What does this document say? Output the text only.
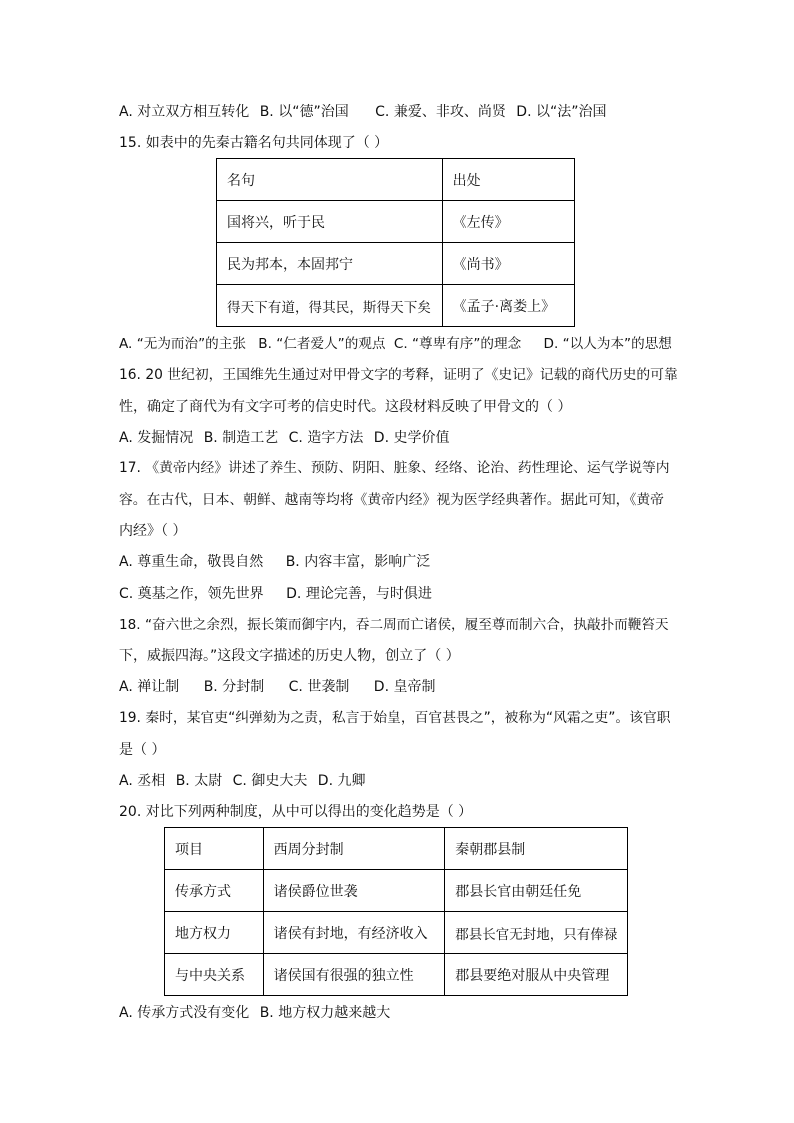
A. 对立双方相互转化 B. 以“德”治国 C. 兼爱、非攻、尚贤 D. 以“法”治国
15. 如表中的先秦古籍名句共同体现了（ ）
名句	出处
国将兴，听于民	《左传》
民为邦本，本固邦宁	《尚书》
得天下有道，得其民，斯得天下矣	《孟子·离娄上》
A. “无为而治”的主张 B. “仁者爱人”的观点 C. “尊卑有序”的理念 D. “以人为本”的思想
16. 20 世纪初，王国维先生通过对甲骨文字的考释，证明了《史记》记载的商代历史的可靠
性，确定了商代为有文字可考的信史时代。这段材料反映了甲骨文的（ ）
A. 发掘情况 B. 制造工艺 C. 造字方法 D. 史学价值
17. 《黄帝内经》讲述了养生、预防、阴阳、脏象、经络、论治、药性理论、运气学说等内
容。在古代，日本、朝鲜、越南等均将《黄帝内经》视为医学经典著作。据此可知，《黄帝
内经》（ ）
A. 尊重生命，敬畏自然 B. 内容丰富，影响广泛
C. 奠基之作，领先世界 D. 理论完善，与时俱进
18. “奋六世之余烈，振长策而御宇内，吞二周而亡诸侯，履至尊而制六合，执敲扑而鞭笞天
下，威振四海。”这段文字描述的历史人物，创立了（ ）
A. 禅让制 B. 分封制 C. 世袭制 D. 皇帝制
19. 秦时，某官吏“纠弹劾为之责，私言于始皇，百官甚畏之”，被称为“风霜之吏”。该官职
是（ ）
A. 丞相 B. 太尉 C. 御史大夫 D. 九卿
20. 对比下列两种制度，从中可以得出的变化趋势是（ ）
项目	西周分封制	秦朝郡县制
传承方式	诸侯爵位世袭	郡县长官由朝廷任免
地方权力	诸侯有封地，有经济收入	郡县长官无封地，只有俸禄
与中央关系	诸侯国有很强的独立性	郡县要绝对服从中央管理
A. 传承方式没有变化 B. 地方权力越来越大
